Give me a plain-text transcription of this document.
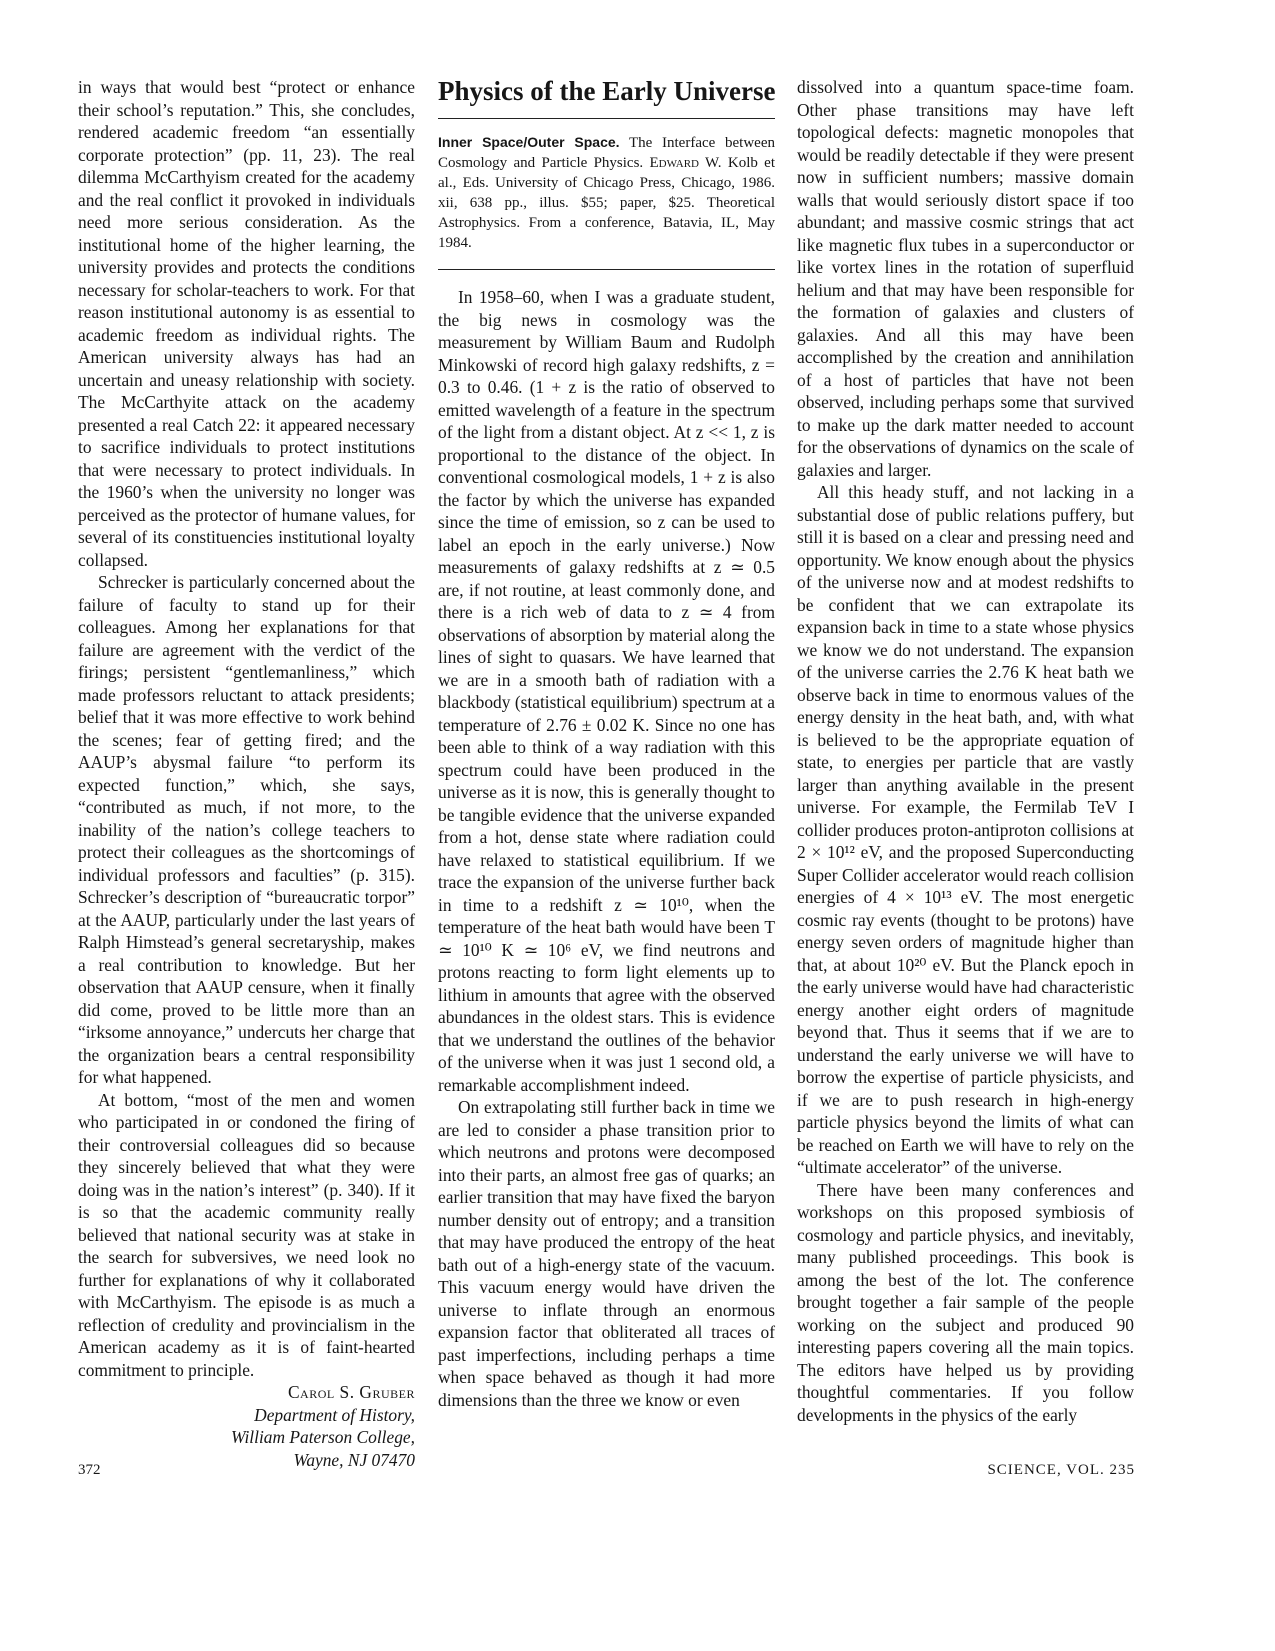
in ways that would best “protect or enhance their school’s reputation.” This, she concludes, rendered academic freedom “an essentially corporate protection” (pp. 11, 23). The real dilemma McCarthyism created for the academy and the real conflict it provoked in individuals need more serious consideration. As the institutional home of the higher learning, the university provides and protects the conditions necessary for scholar-teachers to work. For that reason institutional autonomy is as essential to academic freedom as individual rights. The American university always has had an uncertain and uneasy relationship with society. The McCarthyite attack on the academy presented a real Catch 22: it appeared necessary to sacrifice individuals to protect institutions that were necessary to protect individuals. In the 1960’s when the university no longer was perceived as the protector of humane values, for several of its constituencies institutional loyalty collapsed.

Schrecker is particularly concerned about the failure of faculty to stand up for their colleagues. Among her explanations for that failure are agreement with the verdict of the firings; persistent “gentlemanliness,” which made professors reluctant to attack presidents; belief that it was more effective to work behind the scenes; fear of getting fired; and the AAUP’s abysmal failure “to perform its expected function,” which, she says, “contributed as much, if not more, to the inability of the nation’s college teachers to protect their colleagues as the shortcomings of individual professors and faculties” (p. 315). Schrecker’s description of “bureaucratic torpor” at the AAUP, particularly under the last years of Ralph Himstead’s general secretaryship, makes a real contribution to knowledge. But her observation that AAUP censure, when it finally did come, proved to be little more than an “irksome annoyance,” undercuts her charge that the organization bears a central responsibility for what happened.

At bottom, “most of the men and women who participated in or condoned the firing of their controversial colleagues did so because they sincerely believed that what they were doing was in the nation’s interest” (p. 340). If it is so that the academic community really believed that national security was at stake in the search for subversives, we need look no further for explanations of why it collaborated with McCarthyism. The episode is as much a reflection of credulity and provincialism in the American academy as it is of faint-hearted commitment to principle.

Carol S. Gruber
Department of History,
William Paterson College,
Wayne, NJ 07470
Physics of the Early Universe
Inner Space/Outer Space. The Interface between Cosmology and Particle Physics. Edward W. Kolb et al., Eds. University of Chicago Press, Chicago, 1986. xii, 638 pp., illus. $55; paper, $25. Theoretical Astrophysics. From a conference, Batavia, IL, May 1984.

In 1958–60, when I was a graduate student, the big news in cosmology was the measurement by William Baum and Rudolph Minkowski of record high galaxy redshifts, z = 0.3 to 0.46. (1 + z is the ratio of observed to emitted wavelength of a feature in the spectrum of the light from a distant object. At z << 1, z is proportional to the distance of the object. In conventional cosmological models, 1 + z is also the factor by which the universe has expanded since the time of emission, so z can be used to label an epoch in the early universe.) Now measurements of galaxy redshifts at z ≃ 0.5 are, if not routine, at least commonly done, and there is a rich web of data to z ≃ 4 from observations of absorption by material along the lines of sight to quasars. We have learned that we are in a smooth bath of radiation with a blackbody (statistical equilibrium) spectrum at a temperature of 2.76 ± 0.02 K. Since no one has been able to think of a way radiation with this spectrum could have been produced in the universe as it is now, this is generally thought to be tangible evidence that the universe expanded from a hot, dense state where radiation could have relaxed to statistical equilibrium. If we trace the expansion of the universe further back in time to a redshift z ≃ 10¹⁰, when the temperature of the heat bath would have been T ≃ 10¹⁰ K ≃ 10⁶ eV, we find neutrons and protons reacting to form light elements up to lithium in amounts that agree with the observed abundances in the oldest stars. This is evidence that we understand the outlines of the behavior of the universe when it was just 1 second old, a remarkable accomplishment indeed.

On extrapolating still further back in time we are led to consider a phase transition prior to which neutrons and protons were decomposed into their parts, an almost free gas of quarks; an earlier transition that may have fixed the baryon number density out of entropy; and a transition that may have produced the entropy of the heat bath out of a high-energy state of the vacuum. This vacuum energy would have driven the universe to inflate through an enormous expansion factor that obliterated all traces of past imperfections, including perhaps a time when space behaved as though it had more dimensions than the three we know or even

dissolved into a quantum space-time foam. Other phase transitions may have left topological defects: magnetic monopoles that would be readily detectable if they were present now in sufficient numbers; massive domain walls that would seriously distort space if too abundant; and massive cosmic strings that act like magnetic flux tubes in a superconductor or like vortex lines in the rotation of superfluid helium and that may have been responsible for the formation of galaxies and clusters of galaxies. And all this may have been accomplished by the creation and annihilation of a host of particles that have not been observed, including perhaps some that survived to make up the dark matter needed to account for the observations of dynamics on the scale of galaxies and larger.

All this heady stuff, and not lacking in a substantial dose of public relations puffery, but still it is based on a clear and pressing need and opportunity. We know enough about the physics of the universe now and at modest redshifts to be confident that we can extrapolate its expansion back in time to a state whose physics we know we do not understand. The expansion of the universe carries the 2.76 K heat bath we observe back in time to enormous values of the energy density in the heat bath, and, with what is believed to be the appropriate equation of state, to energies per particle that are vastly larger than anything available in the present universe. For example, the Fermilab TeV I collider produces proton-antiproton collisions at 2 × 10¹² eV, and the proposed Superconducting Super Collider accelerator would reach collision energies of 4 × 10¹³ eV. The most energetic cosmic ray events (thought to be protons) have energy seven orders of magnitude higher than that, at about 10²⁰ eV. But the Planck epoch in the early universe would have had characteristic energy another eight orders of magnitude beyond that. Thus it seems that if we are to understand the early universe we will have to borrow the expertise of particle physicists, and if we are to push research in high-energy particle physics beyond the limits of what can be reached on Earth we will have to rely on the “ultimate accelerator” of the universe.

There have been many conferences and workshops on this proposed symbiosis of cosmology and particle physics, and inevitably, many published proceedings. This book is among the best of the lot. The conference brought together a fair sample of the people working on the subject and produced 90 interesting papers covering all the main topics. The editors have helped us by providing thoughtful commentaries. If you follow developments in the physics of the early

372	SCIENCE, VOL. 235
